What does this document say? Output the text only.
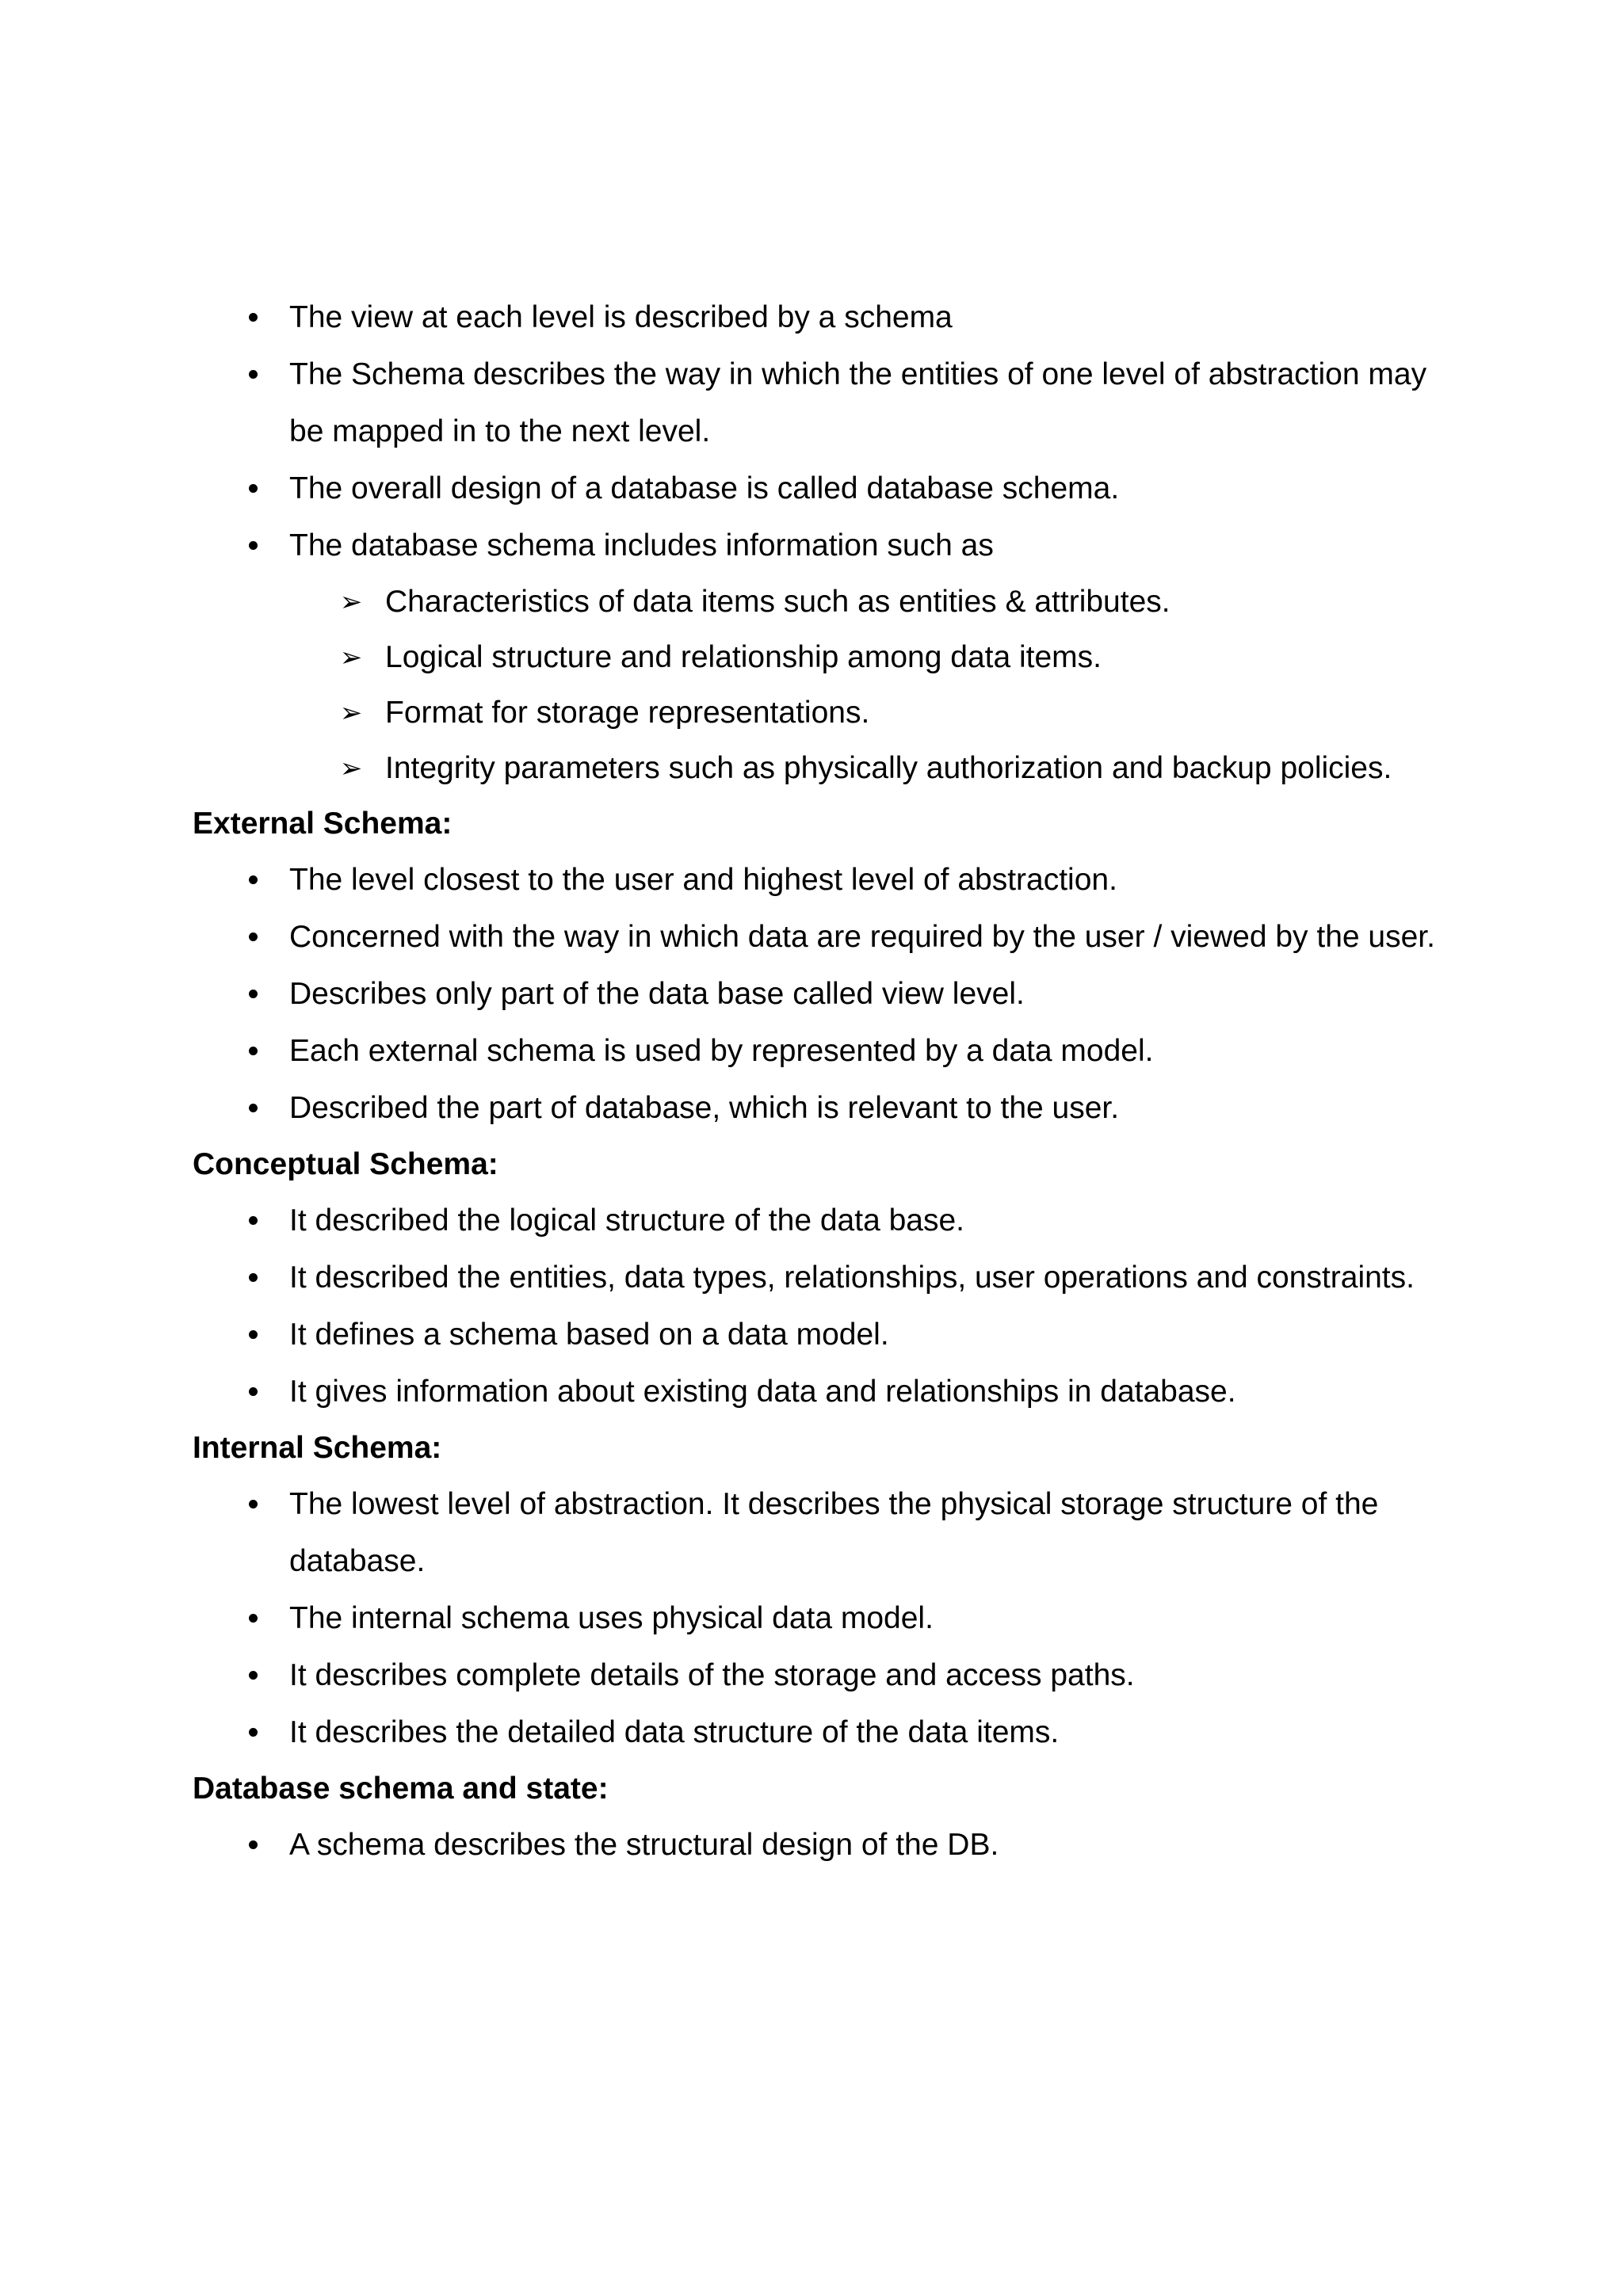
The view at each level is described by a schema
The Schema describes the way in which the entities of one level of abstraction may be mapped in to the next level.
The overall design of a database is called database schema.
The database schema includes information such as
➢ Characteristics of data items such as entities & attributes.
➢ Logical structure and relationship among data items.
➢ Format for storage representations.
➢ Integrity parameters such as physically authorization and backup policies.
External Schema:
The level closest to the user and highest level of abstraction.
Concerned with the way in which data are required by the user / viewed by the user.
Describes only part of the data base called view level.
Each external schema is used by represented by a data model.
Described the part of database, which is relevant to the user.
Conceptual Schema:
It described the logical structure of the data base.
It described the entities, data types, relationships, user operations and constraints.
It defines a schema based on a data model.
It gives information about existing data and relationships in database.
Internal Schema:
The lowest level of abstraction. It describes the physical storage structure of the database.
The internal schema uses physical data model.
It describes complete details of the storage and access paths.
It describes the detailed data structure of the data items.
Database schema and state:
A schema describes the structural design of the DB.
